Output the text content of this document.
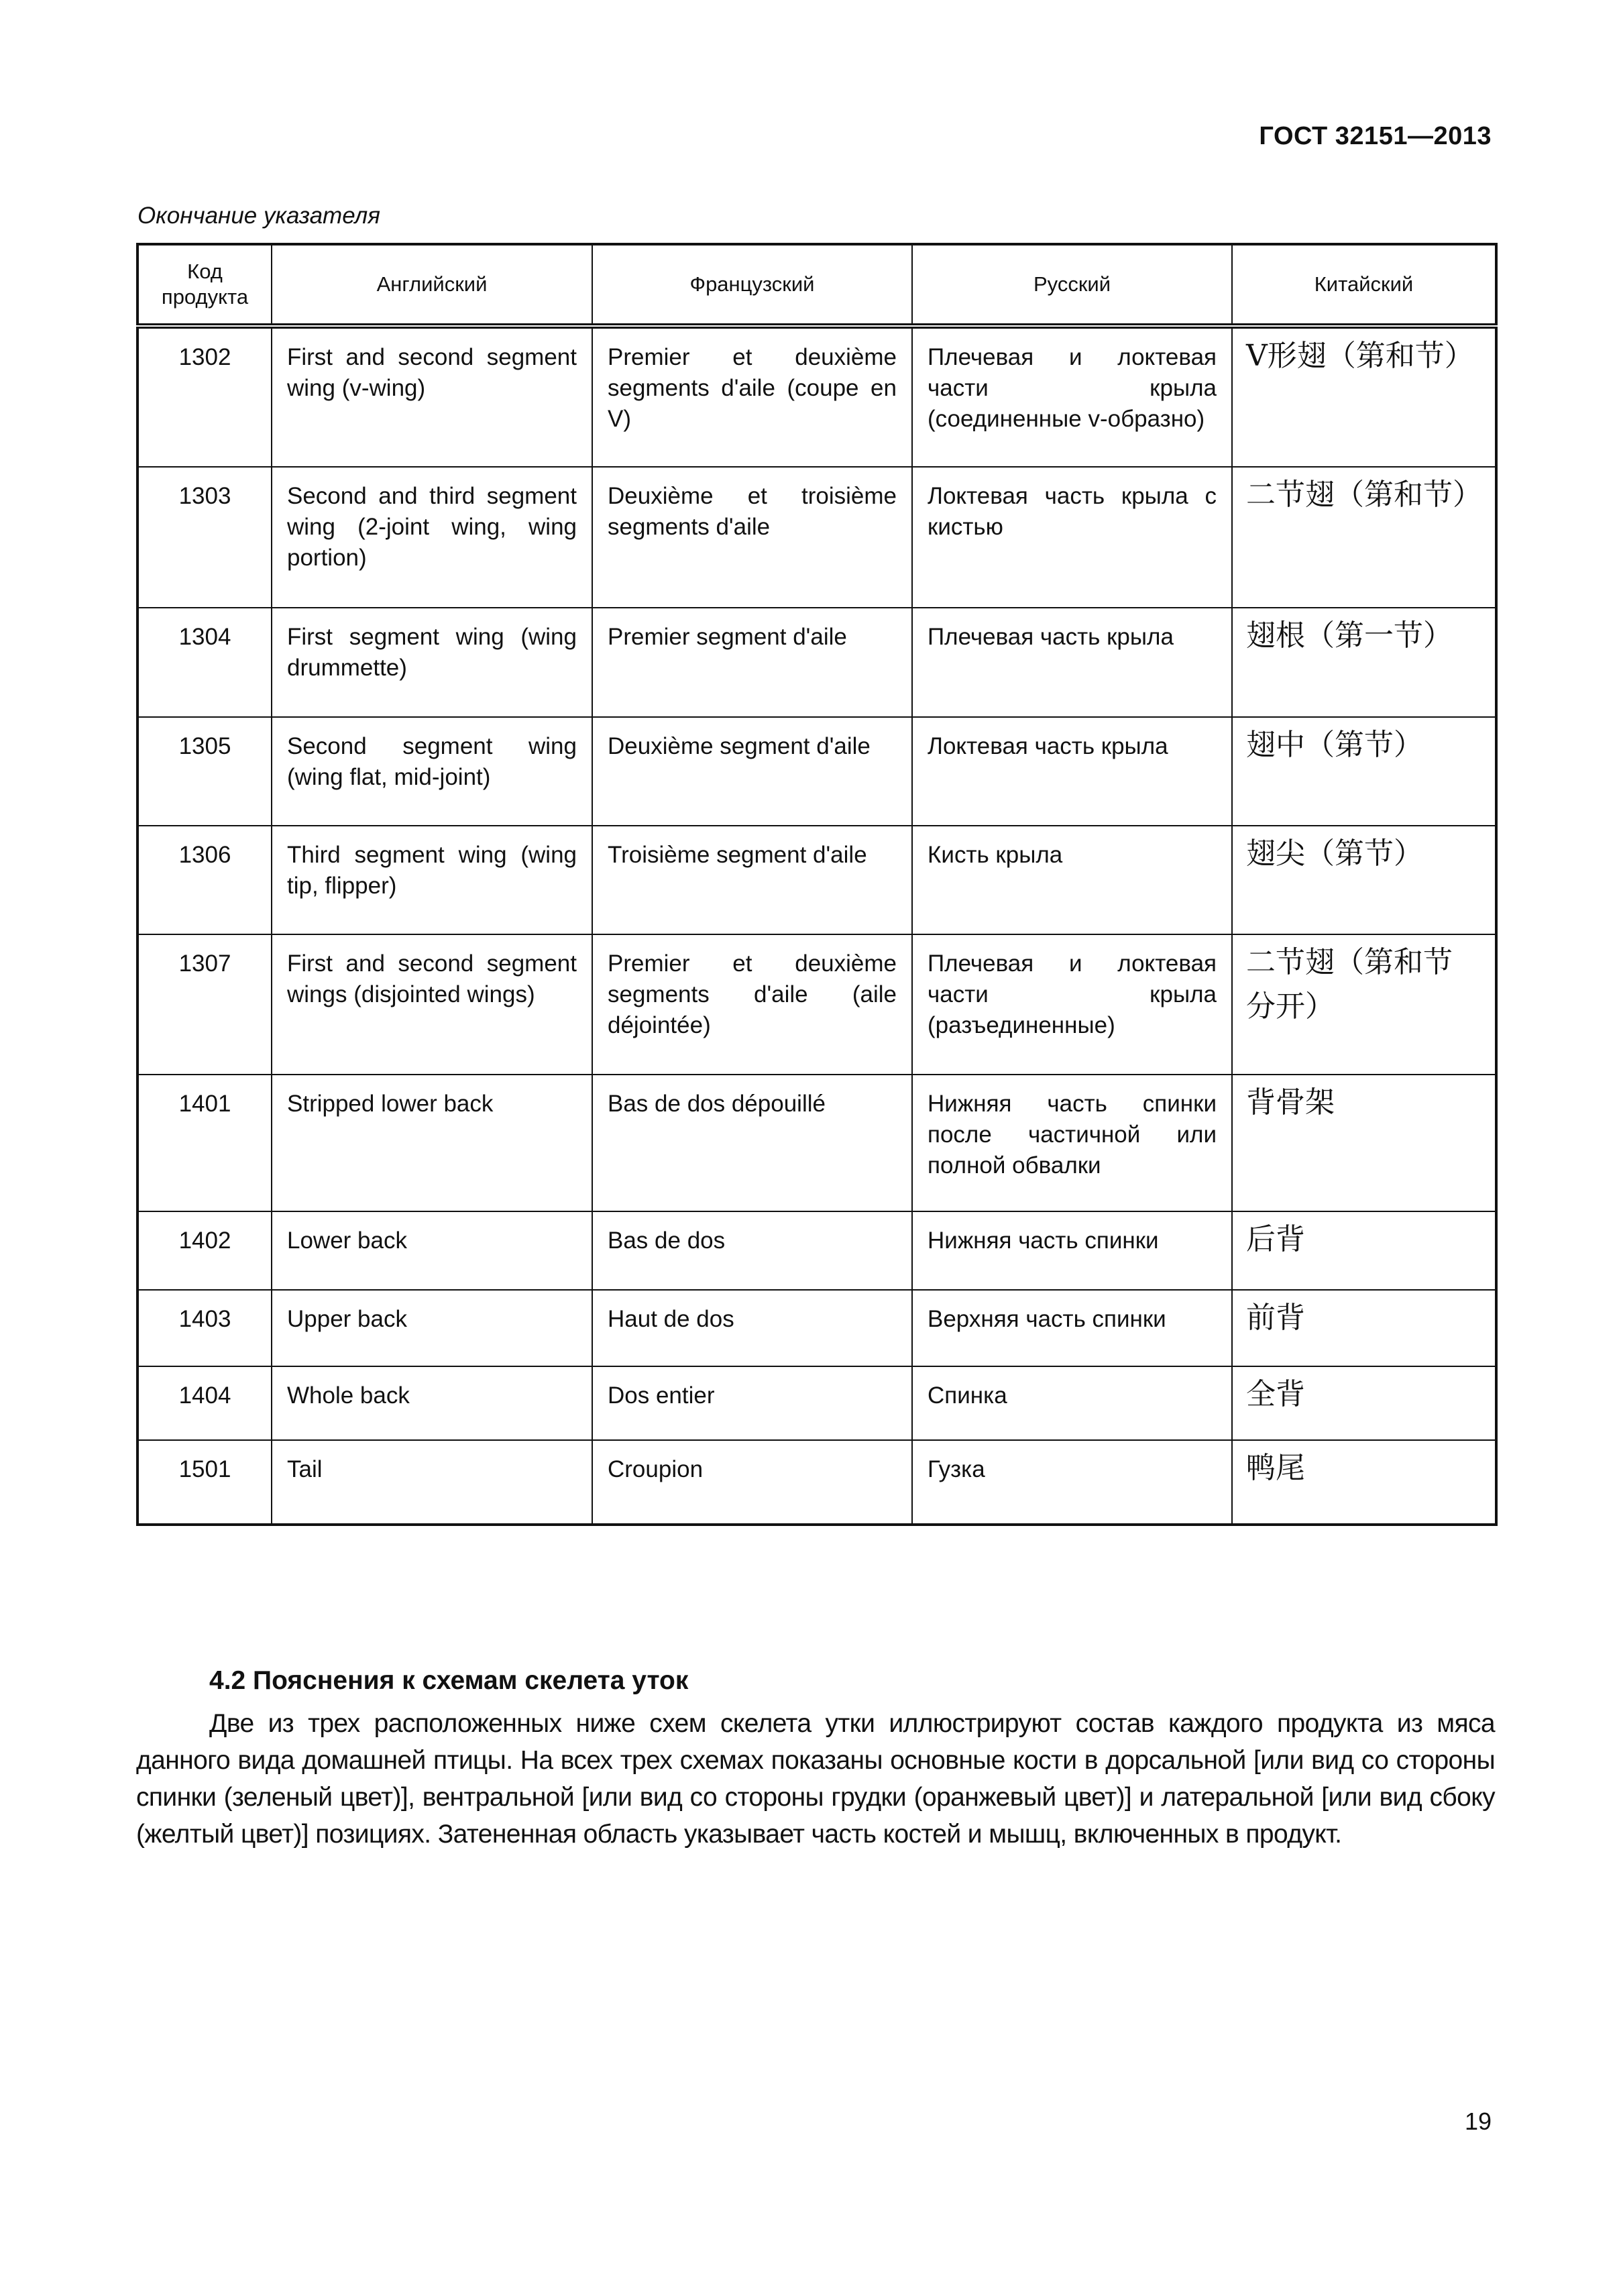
ГОСТ 32151—2013
Окончание указателя
Код продукта	Английский	Французский	Русский	Китайский
1302	First and second segment wing (v-wing)	Premier et deuxième segments d'aile (coupe en V)	Плечевая и локтевая части крыла (соединенные v-образно)	V形翅（第和节）
1303	Second and third segment wing (2-joint wing, wing portion)	Deuxième et troisième segments d'aile	Локтевая часть крыла с кистью	二节翅（第和节）
1304	First segment wing (wing drummette)	Premier segment d'aile	Плечевая часть крыла	翅根（第一节）
1305	Second segment wing (wing flat, mid-joint)	Deuxième segment d'aile	Локтевая часть крыла	翅中（第节）
1306	Third segment wing (wing tip, flipper)	Troisième segment d'aile	Кисть крыла	翅尖（第节）
1307	First and second segment wings (disjointed wings)	Premier et deuxième segments d'aile (aile déjointée)	Плечевая и локтевая части крыла (разъединенные)	二节翅（第和节分开）
1401	Stripped lower back	Bas de dos dépouillé	Нижняя часть спинки после частичной или полной обвалки	背骨架
1402	Lower back	Bas de dos	Нижняя часть спинки	后背
1403	Upper back	Haut de dos	Верхняя часть спинки	前背
1404	Whole back	Dos entier	Спинка	全背
1501	Tail	Croupion	Гузка	鸭尾
4.2 Пояснения к схемам скелета уток
Две из трех расположенных ниже схем скелета утки иллюстрируют состав каждого продукта из мяса данного вида домашней птицы. На всех трех схемах показаны основные кости в дорсальной [или вид со стороны спинки (зеленый цвет)], вентральной [или вид со стороны грудки (оранжевый цвет)] и латеральной [или вид сбоку (желтый цвет)] позициях. Затененная область указывает часть костей и мышц, включенных в продукт.
19
